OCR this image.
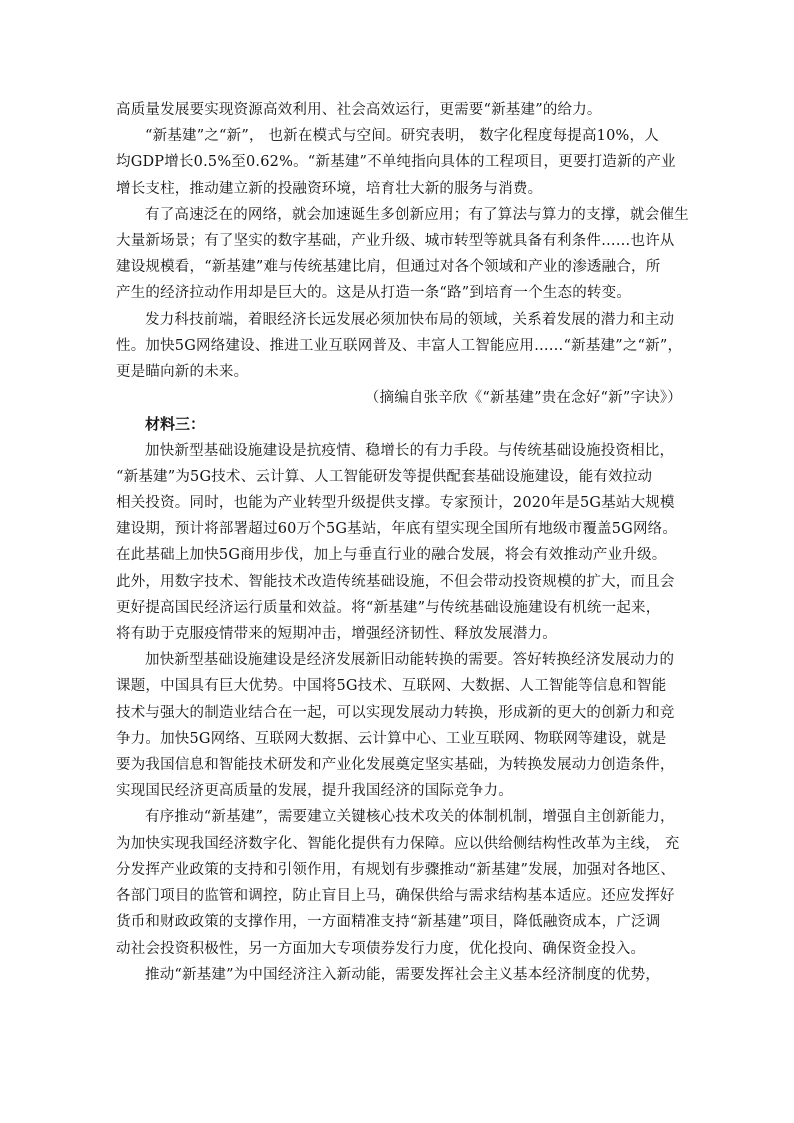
高质量发展要实现资源高效利用、社会高效运行，更需要“新基建”的给力。
“新基建”之“新”， 也新在模式与空间。研究表明， 数字化程度每提高10%，人
均GDP增长0.5%至0.62%。“新基建”不单纯指向具体的工程项目，更要打造新的产业
增长支柱，推动建立新的投融资环境，培育壮大新的服务与消费。
有了高速泛在的网络，就会加速诞生多创新应用；有了算法与算力的支撑，就会催生
大量新场景；有了坚实的数字基础，产业升级、城市转型等就具备有利条件……也许从
建设规模看，“新基建”难与传统基建比肩，但通过对各个领域和产业的渗透融合，所
产生的经济拉动作用却是巨大的。这是从打造一条“路”到培育一个生态的转变。
发力科技前端，着眼经济长远发展必须加快布局的领域，关系着发展的潜力和主动
性。加快5G网络建设、推进工业互联网普及、丰富人工智能应用……“新基建”之“新”，
更是瞄向新的未来。
（摘编自张辛欣《“新基建”贵在念好“新”字诀》）
材料三：
加快新型基础设施建设是抗疫情、稳增长的有力手段。与传统基础设施投资相比，
“新基建”为5G技术、云计算、人工智能研发等提供配套基础设施建设，能有效拉动
相关投资。同时，也能为产业转型升级提供支撑。专家预计，2020年是5G基站大规模
建设期，预计将部署超过60万个5G基站，年底有望实现全国所有地级市覆盖5G网络。
在此基础上加快5G商用步伐，加上与垂直行业的融合发展，将会有效推动产业升级。
此外，用数字技术、智能技术改造传统基础设施，不但会带动投资规模的扩大，而且会
更好提高国民经济运行质量和效益。将“新基建”与传统基础设施建设有机统一起来，
将有助于克服疫情带来的短期冲击，增强经济韧性、释放发展潜力。
加快新型基础设施建设是经济发展新旧动能转换的需要。答好转换经济发展动力的
课题，中国具有巨大优势。中国将5G技术、互联网、大数据、人工智能等信息和智能
技术与强大的制造业结合在一起，可以实现发展动力转换，形成新的更大的创新力和竞
争力。加快5G网络、互联网大数据、云计算中心、工业互联网、物联网等建设，就是
要为我国信息和智能技术研发和产业化发展奠定坚实基础，为转换发展动力创造条件，
实现国民经济更高质量的发展，提升我国经济的国际竞争力。
有序推动“新基建”，需要建立关键核心技术攻关的体制机制，增强自主创新能力，
为加快实现我国经济数字化、智能化提供有力保障。应以供给侧结构性改革为主线， 充
分发挥产业政策的支持和引领作用，有规划有步骤推动“新基建”发展，加强对各地区、
各部门项目的监管和调控，防止盲目上马，确保供给与需求结构基本适应。还应发挥好
货币和财政政策的支撑作用，一方面精准支持“新基建”项目，降低融资成本，广泛调
动社会投资积极性，另一方面加大专项债券发行力度，优化投向、确保资金投入。
推动“新基建”为中国经济注入新动能，需要发挥社会主义基本经济制度的优势，
